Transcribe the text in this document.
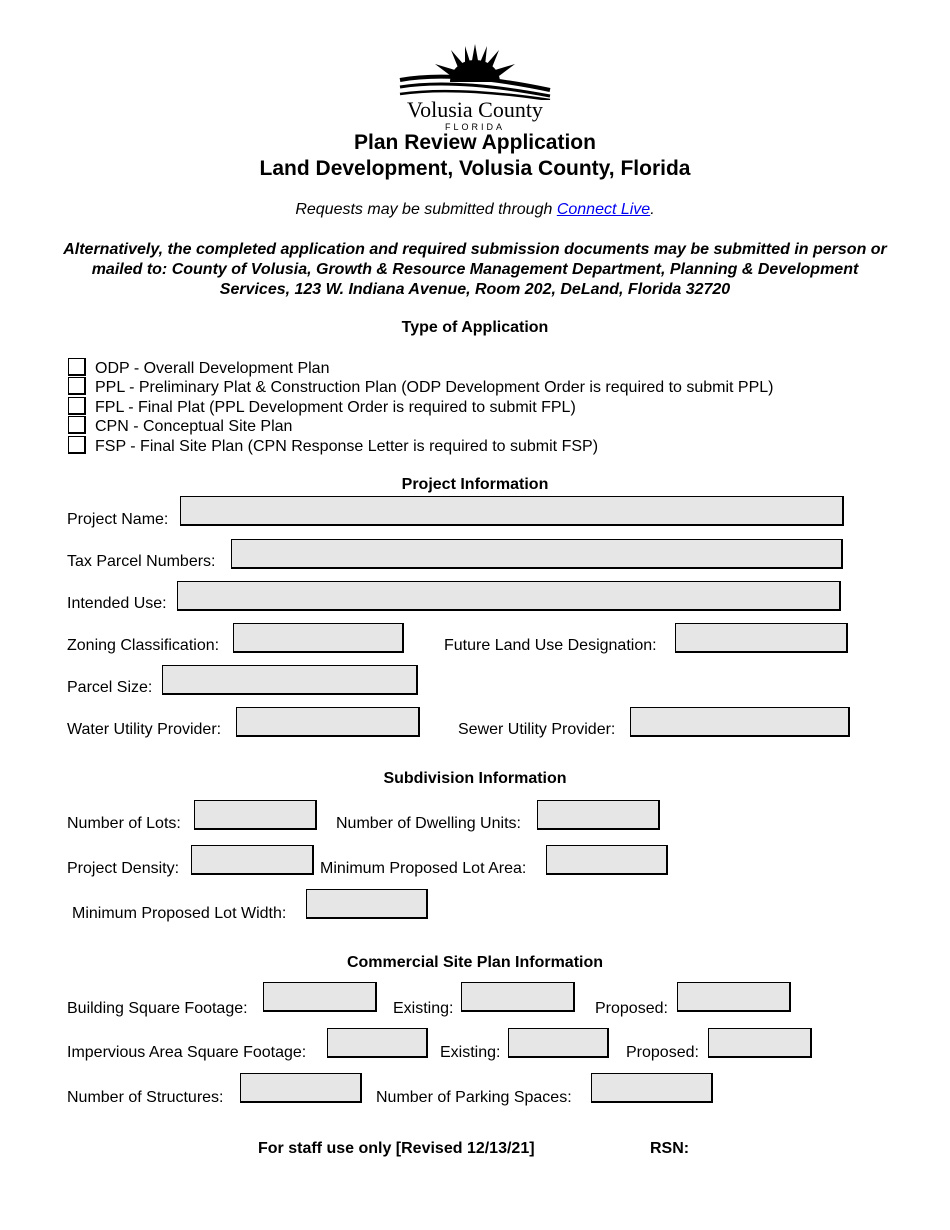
Volusia County
FLORIDA
Plan Review Application
Land Development, Volusia County, Florida
Requests may be submitted through Connect Live.
Alternatively, the completed application and required submission documents may be submitted in person or mailed to: County of Volusia, Growth & Resource Management Department, Planning & Development Services, 123 W. Indiana Avenue, Room 202, DeLand, Florida 32720
Type of Application
ODP - Overall Development Plan
PPL - Preliminary Plat & Construction Plan (ODP Development Order is required to submit PPL)
FPL - Final Plat (PPL Development Order is required to submit FPL)
CPN - Conceptual Site Plan
FSP - Final Site Plan (CPN Response Letter is required to submit FSP)
Project Information
Project Name:
Tax Parcel Numbers:
Intended Use:
Zoning Classification:	Future Land Use Designation:
Parcel Size:
Water Utility Provider:	Sewer Utility Provider:
Subdivision Information
Number of Lots:	Number of Dwelling Units:
Project Density:	Minimum Proposed Lot Area:
Minimum Proposed Lot Width:
Commercial Site Plan Information
Building Square Footage:	Existing:	Proposed:
Impervious Area Square Footage:	Existing:	Proposed:
Number of Structures:	Number of Parking Spaces:
For staff use only [Revised 12/13/21]	RSN:
